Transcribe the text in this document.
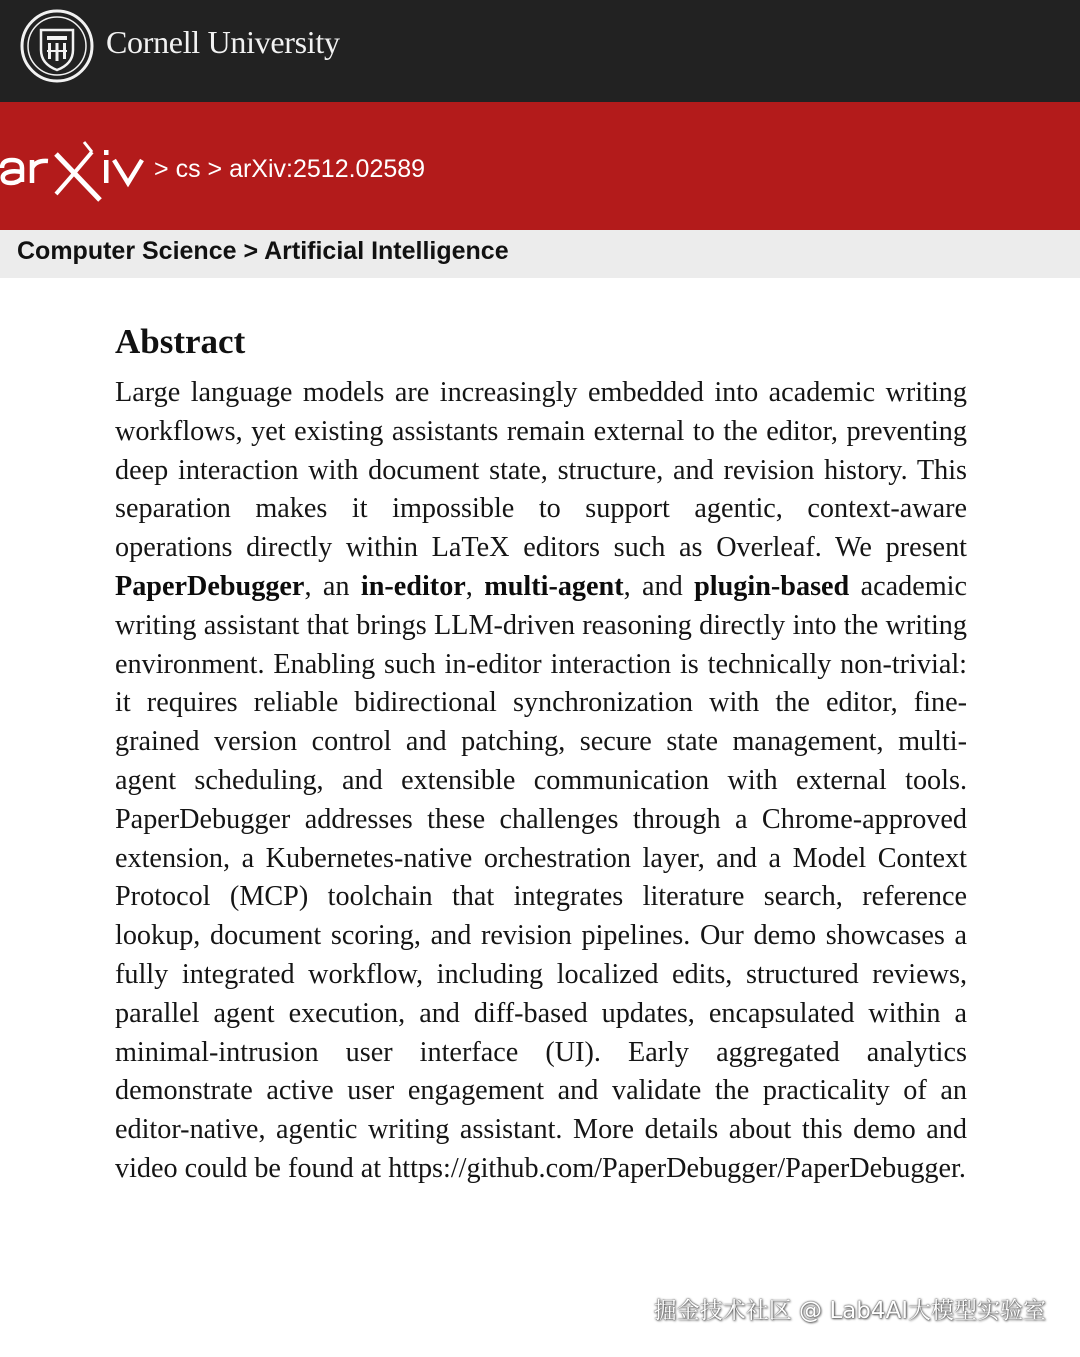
Cornell University
> cs > arXiv:2512.02589
Computer Science > Artificial Intelligence
Abstract
Large language models are increasingly embedded into academic writing workflows, yet existing assistants remain external to the editor, preventing deep interaction with document state, structure, and revision history. This separation makes it impossible to support agentic, context-aware operations directly within LaTeX editors such as Overleaf. We present PaperDebugger, an in-editor, multi-agent, and plugin-based academic writing assistant that brings LLM-driven reasoning directly into the writing environment. Enabling such in-editor interaction is technically non-trivial: it requires reliable bidirectional synchronization with the editor, fine-grained version control and patching, secure state management, multi-agent scheduling, and extensible communication with external tools. PaperDebugger addresses these challenges through a Chrome-approved extension, a Kubernetes-native orchestration layer, and a Model Context Protocol (MCP) toolchain that integrates literature search, reference lookup, document scoring, and revision pipelines. Our demo showcases a fully integrated workflow, including localized edits, structured reviews, parallel agent execution, and diff-based updates, encapsulated within a minimal-intrusion user interface (UI). Early aggregated analytics demonstrate active user engagement and validate the practicality of an editor-native, agentic writing assistant. More details about this demo and video could be found at https://github.com/PaperDebugger/PaperDebugger.
掘金技术社区 @ Lab4AI大模型实验室
